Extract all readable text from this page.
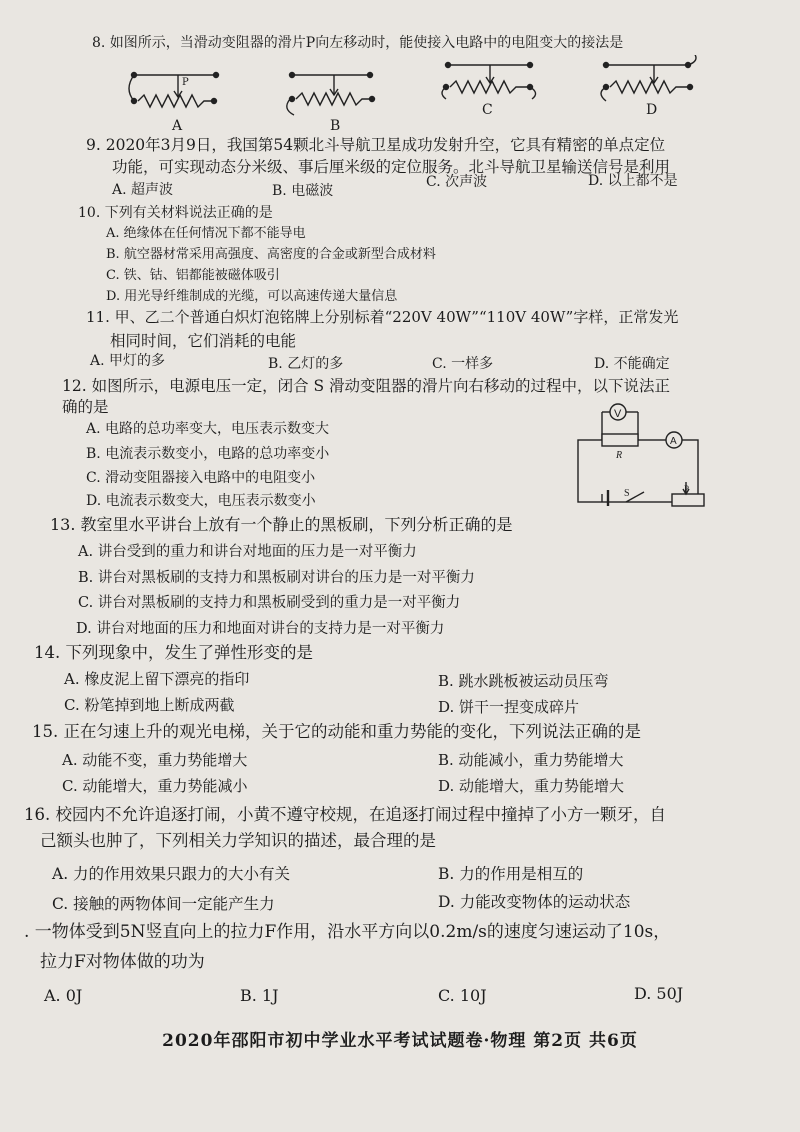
8. 如图所示，当滑动变阻器的滑片P向左移动时，能使接入电路中的电阻变大的接法是
P
A	B
C	D
9. 2020年3月9日，我国第54颗北斗导航卫星成功发射升空，它具有精密的单点定位
功能，可实现动态分米级、事后厘米级的定位服务。北斗导航卫星输送信号是利用
A. 超声波	B. 电磁波
C. 次声波	D. 以上都不是
10. 下列有关材料说法正确的是
A. 绝缘体在任何情况下都不能导电
B. 航空器材常采用高强度、高密度的合金或新型合成材料
C. 铁、钴、铝都能被磁体吸引
D. 用光导纤维制成的光缆，可以高速传递大量信息
11. 甲、乙二个普通白炽灯泡铭牌上分别标着“220V 40W”“110V 40W”字样，正常发光
相同时间，它们消耗的电能
A. 甲灯的多	B. 乙灯的多	C. 一样多	D. 不能确定
12. 如图所示，电源电压一定，闭合 S 滑动变阻器的滑片向右移动的过程中，以下说法正
确的是
A. 电路的总功率变大，电压表示数变大
B. 电流表示数变小，电路的总功率变小
C. 滑动变阻器接入电路中的电阻变小
D. 电流表示数变大，电压表示数变小
V
A
R
S	P
13. 教室里水平讲台上放有一个静止的黑板刷，下列分析正确的是
A. 讲台受到的重力和讲台对地面的压力是一对平衡力
B. 讲台对黑板刷的支持力和黑板刷对讲台的压力是一对平衡力
C. 讲台对黑板刷的支持力和黑板刷受到的重力是一对平衡力
D. 讲台对地面的压力和地面对讲台的支持力是一对平衡力
14. 下列现象中，发生了弹性形变的是
A. 橡皮泥上留下漂亮的指印	B. 跳水跳板被运动员压弯
C. 粉笔掉到地上断成两截	D. 饼干一捏变成碎片
15. 正在匀速上升的观光电梯，关于它的动能和重力势能的变化，下列说法正确的是
A. 动能不变，重力势能增大	B. 动能减小，重力势能增大
C. 动能增大，重力势能减小	D. 动能增大，重力势能增大
16. 校园内不允许追逐打闹，小黄不遵守校规，在追逐打闹过程中撞掉了小方一颗牙，自
己额头也肿了，下列相关力学知识的描述，最合理的是
A. 力的作用效果只跟力的大小有关	B. 力的作用是相互的
C. 接触的两物体间一定能产生力	D. 力能改变物体的运动状态
. 一物体受到5N竖直向上的拉力F作用，沿水平方向以0.2m/s的速度匀速运动了10s，
拉力F对物体做的功为
A. 0J	B. 1J	C. 10J	D. 50J
2020年邵阳市初中学业水平考试试题卷·物理 第2页 共6页
